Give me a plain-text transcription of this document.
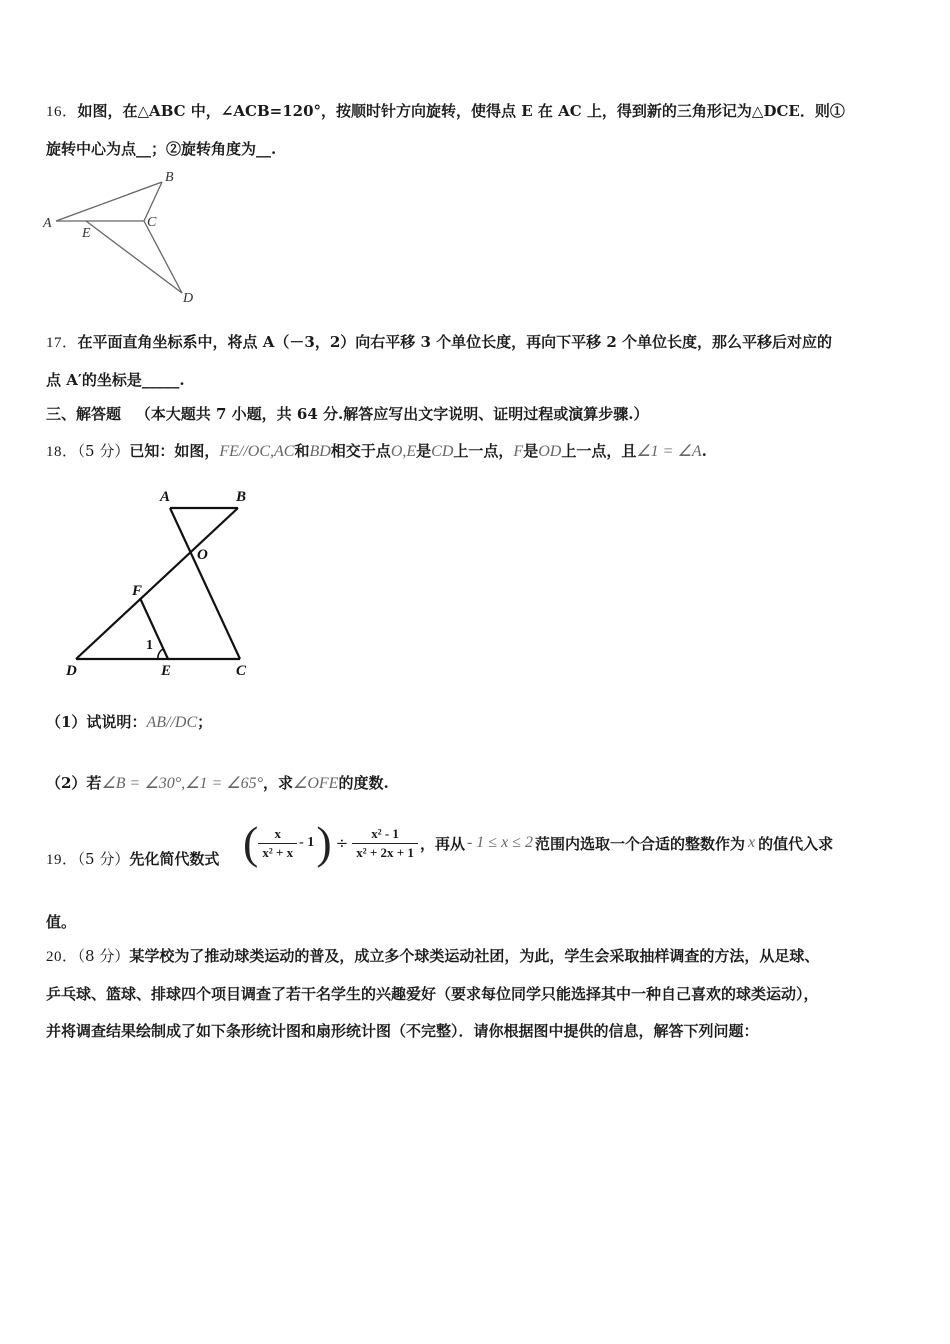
16．如图，在△ABC 中，∠ACB=120°，按顺时针方向旋转，使得点 E 在 AC 上，得到新的三角形记为△DCE．则①
旋转中心为点__；②旋转角度为__.
A
B
C
E
D
17．在平面直角坐标系中，将点 A（－3，2）向右平移 3 个单位长度，再向下平移 2 个单位长度，那么平移后对应的
点 A′的坐标是_____.
三、解答题 （本大题共 7 小题，共 64 分.解答应写出文字说明、证明过程或演算步骤.）
18．（5 分）已知：如图，FE//OC,AC和BD相交于点O,E是CD上一点，F是OD上一点，且∠1 = ∠A.
A	B
O
F
1
D	E	C
（1）试说明：AB//DC；
（2）若∠B = ∠30°,∠1 = ∠65°，求∠OFE的度数.
19．（5 分）先化简代数式 ( $\frac{x}{\text{x² + x}} - 1$ ) ÷ $\frac{\text{x² - 1}}{\text{x² + 2x + 1}}$ ，再从 - 1 ≤ x ≤ 2 范围内选取一个合适的整数作为 x 的值代入求
值。
20．（8 分）某学校为了推动球类运动的普及，成立多个球类运动社团，为此，学生会采取抽样调查的方法，从足球、
乒乓球、篮球、排球四个项目调查了若干名学生的兴趣爱好（要求每位同学只能选择其中一种自己喜欢的球类运动），
并将调查结果绘制成了如下条形统计图和扇形统计图（不完整）．请你根据图中提供的信息，解答下列问题：
